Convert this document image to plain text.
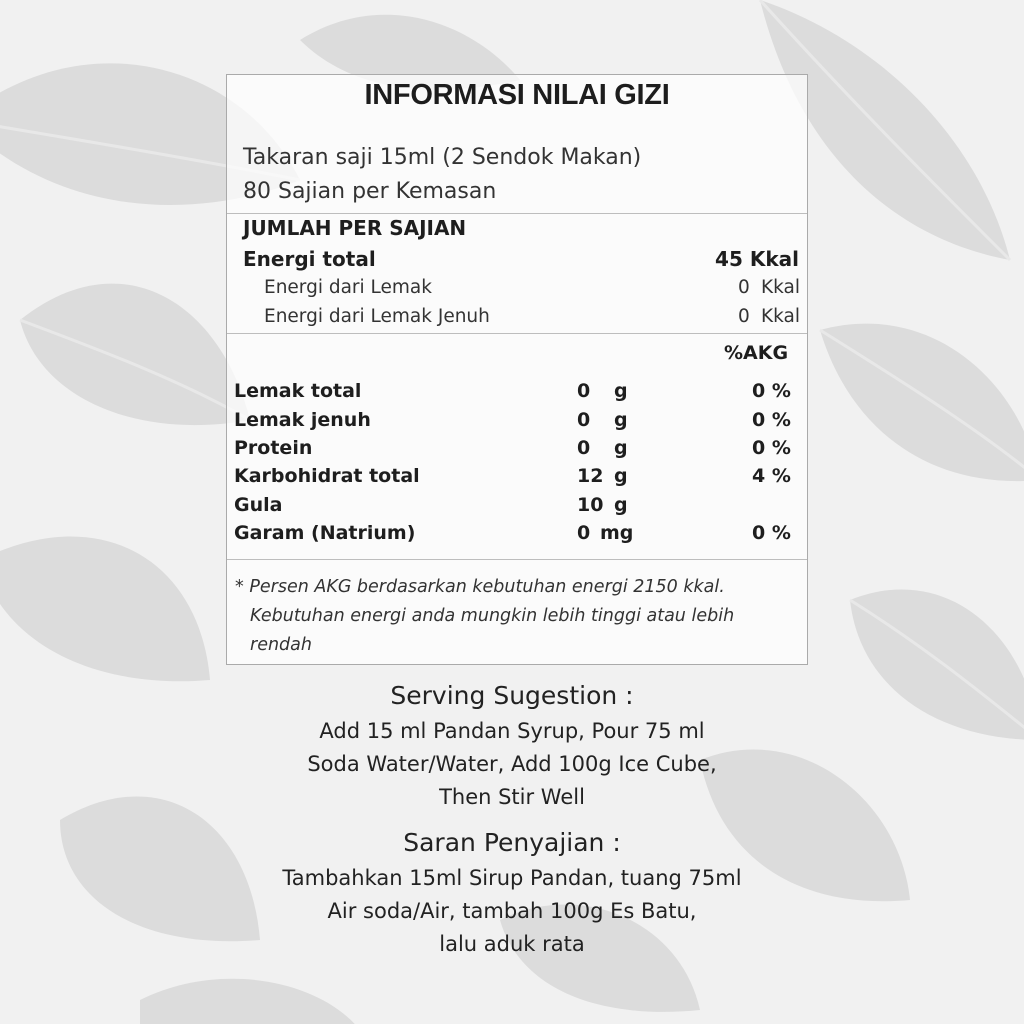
INFORMASI NILAI GIZI
Takaran saji 15ml (2 Sendok Makan)
80 Sajian per Kemasan
JUMLAH PER SAJIAN
Energi total	45 Kkal
Energi dari Lemak	0 Kkal
Energi dari Lemak Jenuh	0 Kkal
%AKG
Lemak total	0 g	0 %
Lemak jenuh	0 g	0 %
Protein	0 g	0 %
Karbohidrat total	12 g	4 %
Gula	10 g
Garam (Natrium)	0 mg	0 %
* Persen AKG berdasarkan kebutuhan energi 2150 kkal.
Kebutuhan energi anda mungkin lebih tinggi atau lebih rendah
Serving Sugestion :
Add 15 ml Pandan Syrup, Pour 75 ml
Soda Water/Water, Add 100g Ice Cube,
Then Stir Well
Saran Penyajian :
Tambahkan 15ml Sirup Pandan, tuang 75ml
Air soda/Air, tambah 100g Es Batu,
lalu aduk rata
